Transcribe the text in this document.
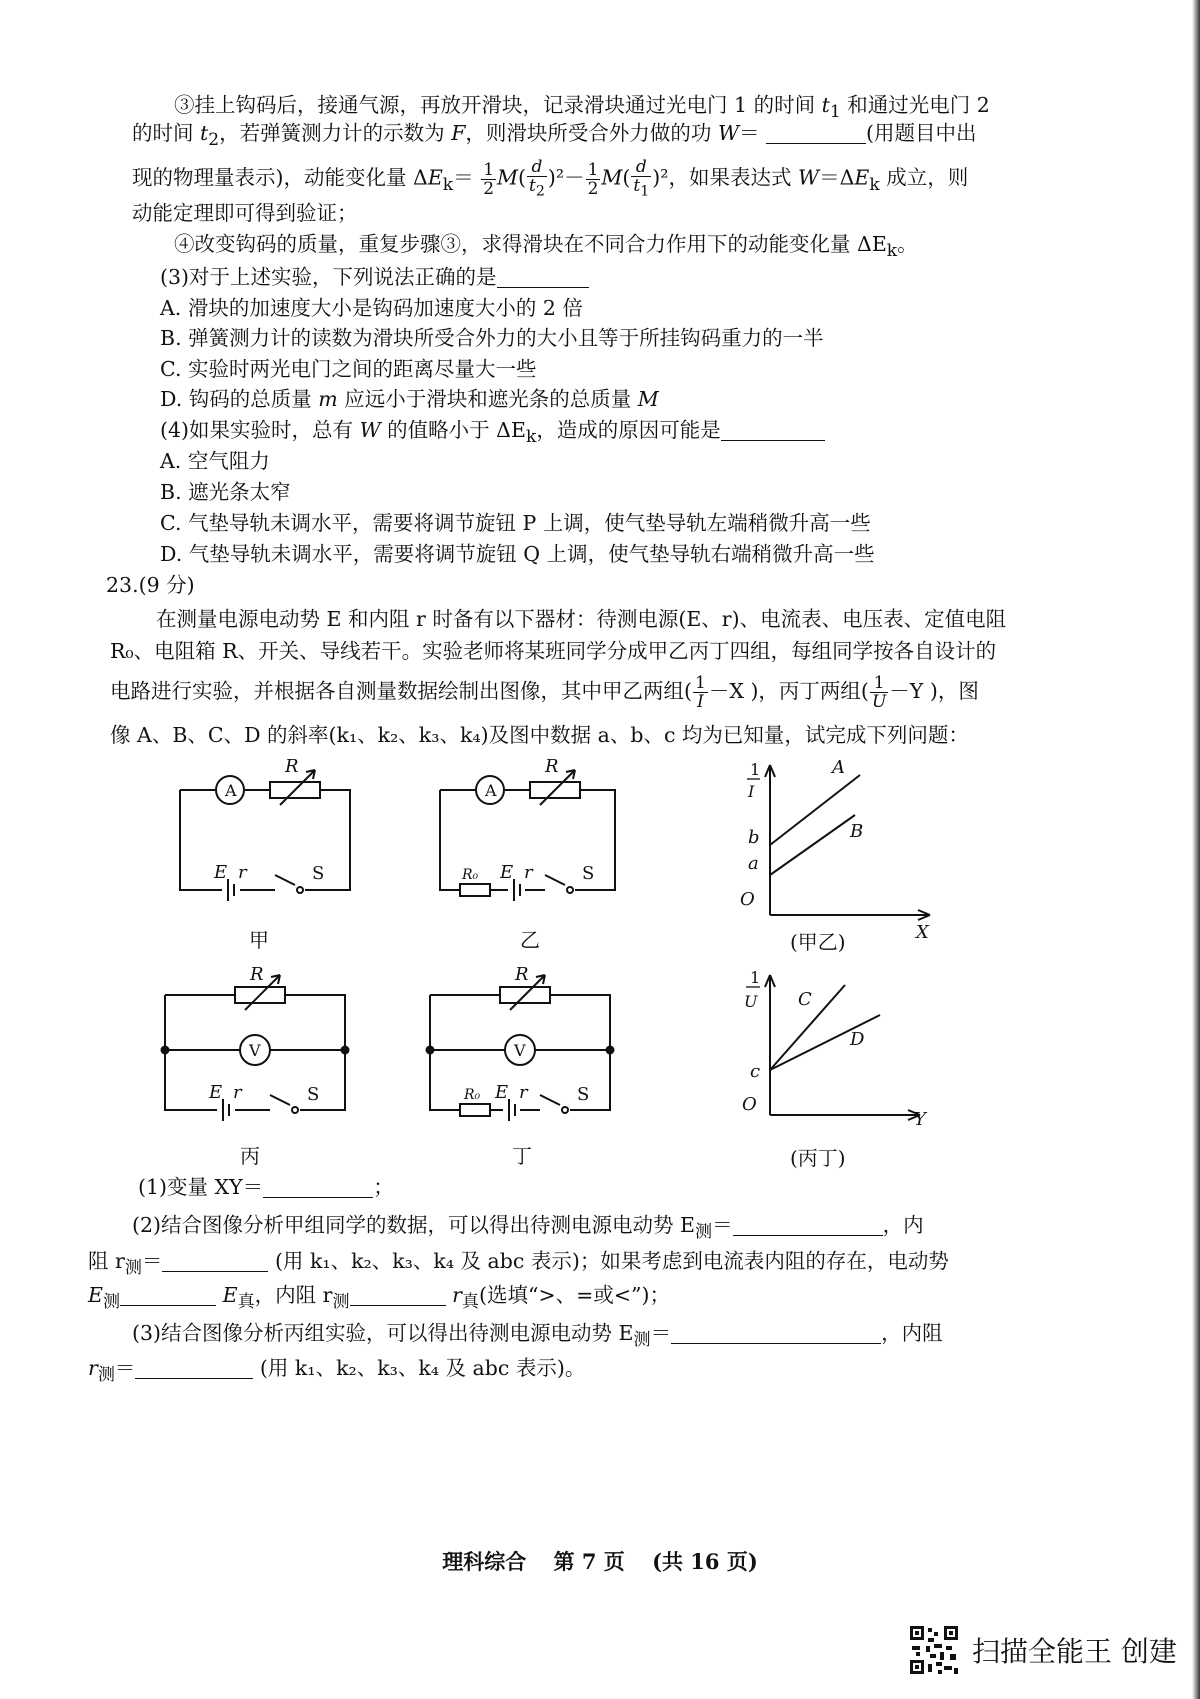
③挂上钩码后，接通气源，再放开滑块，记录滑块通过光电门 1 的时间 $t_1$ 和通过光电门 2
的时间 $t_2$，若弹簧测力计的示数为 F，则滑块所受合外力做的功 W＝	(用题目中出
现的物理量表示)，动能变化量 $\Delta E_k= \frac{1}{2} M( \frac{d}{t_2} )^2- \frac{1}{2} M( \frac{d}{t_1} )^2$，如果表达式 $W=\Delta E_k$ 成立，则
动能定理即可得到验证；
④改变钩码的质量，重复步骤③，求得滑块在不同合力作用下的动能变化量 $\Delta E_k$。
(3)对于上述实验，下列说法正确的是
A. 滑块的加速度大小是钩码加速度大小的 2 倍
B. 弹簧测力计的读数为滑块所受合外力的大小且等于所挂钩码重力的一半
C. 实验时两光电门之间的距离尽量大一些
D. 钩码的总质量 m 应远小于滑块和遮光条的总质量 M
(4)如果实验时，总有 W 的值略小于 $\Delta E_k$，造成的原因可能是
A. 空气阻力
B. 遮光条太窄
C. 气垫导轨未调水平，需要将调节旋钮 P 上调，使气垫导轨左端稍微升高一些
D. 气垫导轨未调水平，需要将调节旋钮 Q 上调，使气垫导轨右端稍微升高一些
23.(9 分)
在测量电源电动势 E 和内阻 r 时备有以下器材：待测电源(E、r)、电流表、电压表、定值电阻
R₀、电阻箱 R、开关、导线若干。实验老师将某班同学分成甲乙丙丁四组，每组同学按各自设计的
电路进行实验，并根据各自测量数据绘制出图像，其中甲乙两组( $\frac{1}{I} -X$ )，丙丁两组( $\frac{1}{U} -Y$ )，图
像 A、B、C、D 的斜率(k₁、k₂、k₃、k₄)及图中数据 a、b、c 均为已知量，试完成下列问题：
A
R
E r	S
甲
A
R
R₀ E r	S
乙
1
I
X
O
a
b
A
B
(甲乙)
V
R
E r	S
丙
V
R
R₀ E r	S
丁
1
U
Y
O
c
C
D
(丙丁)
(1)变量 XY＝	；
(2)结合图像分析甲组同学的数据，可以得出待测电源电动势 $E_测=$	，内
阻 $r_测=$	(用 k₁、k₂、k₃、k₄ 及 abc 表示)；如果考虑到电流表内阻的存在，电动势
$E_测$	$E_真$，内阻 $r_测$	$r_真$(选填“>、=或<”)；
(3)结合图像分析丙组实验，可以得出待测电源电动势 $E_测=$	，内阻
$r_测=$	(用 k₁、k₂、k₃、k₄ 及 abc 表示)。
理科综合 第 7 页 (共 16 页)
扫描全能王 创建
